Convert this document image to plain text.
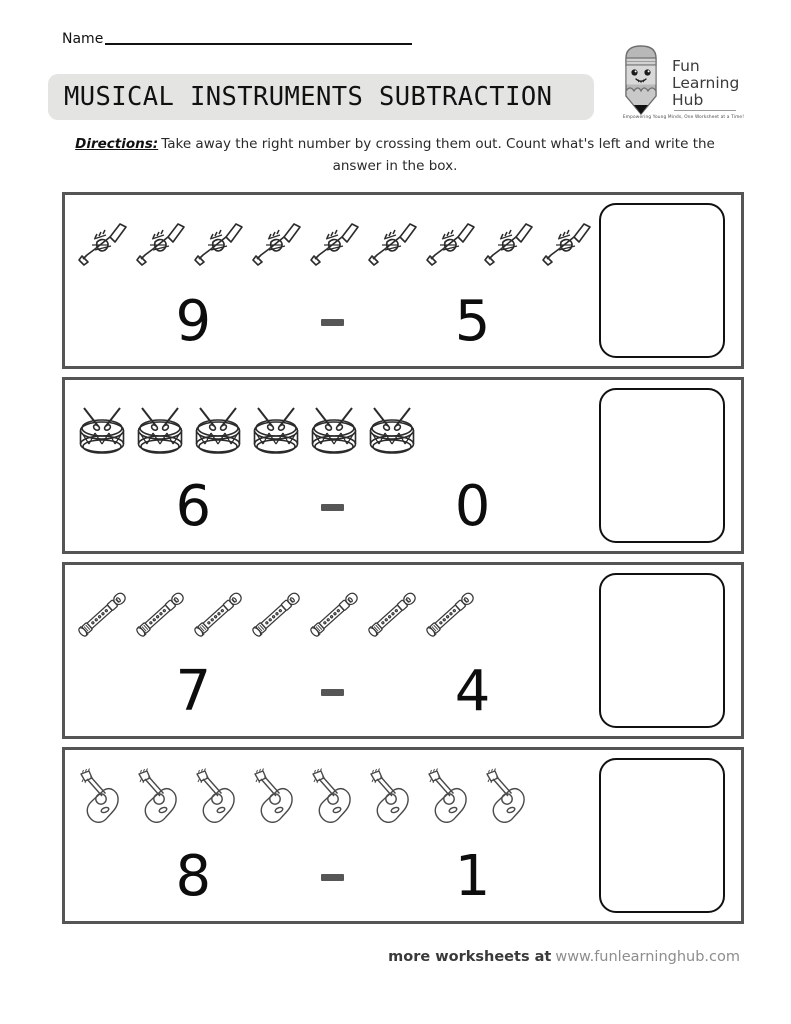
Name
MUSICAL INSTRUMENTS SUBTRACTION
Fun
Learning
Hub
Empowering Young Minds, One Worksheet at a Time!
Directions: Take away the right number by crossing them out. Count what's left and write the answer in the box.
9	5
6	0
7	4
8	1
more worksheets at www.funlearninghub.com
